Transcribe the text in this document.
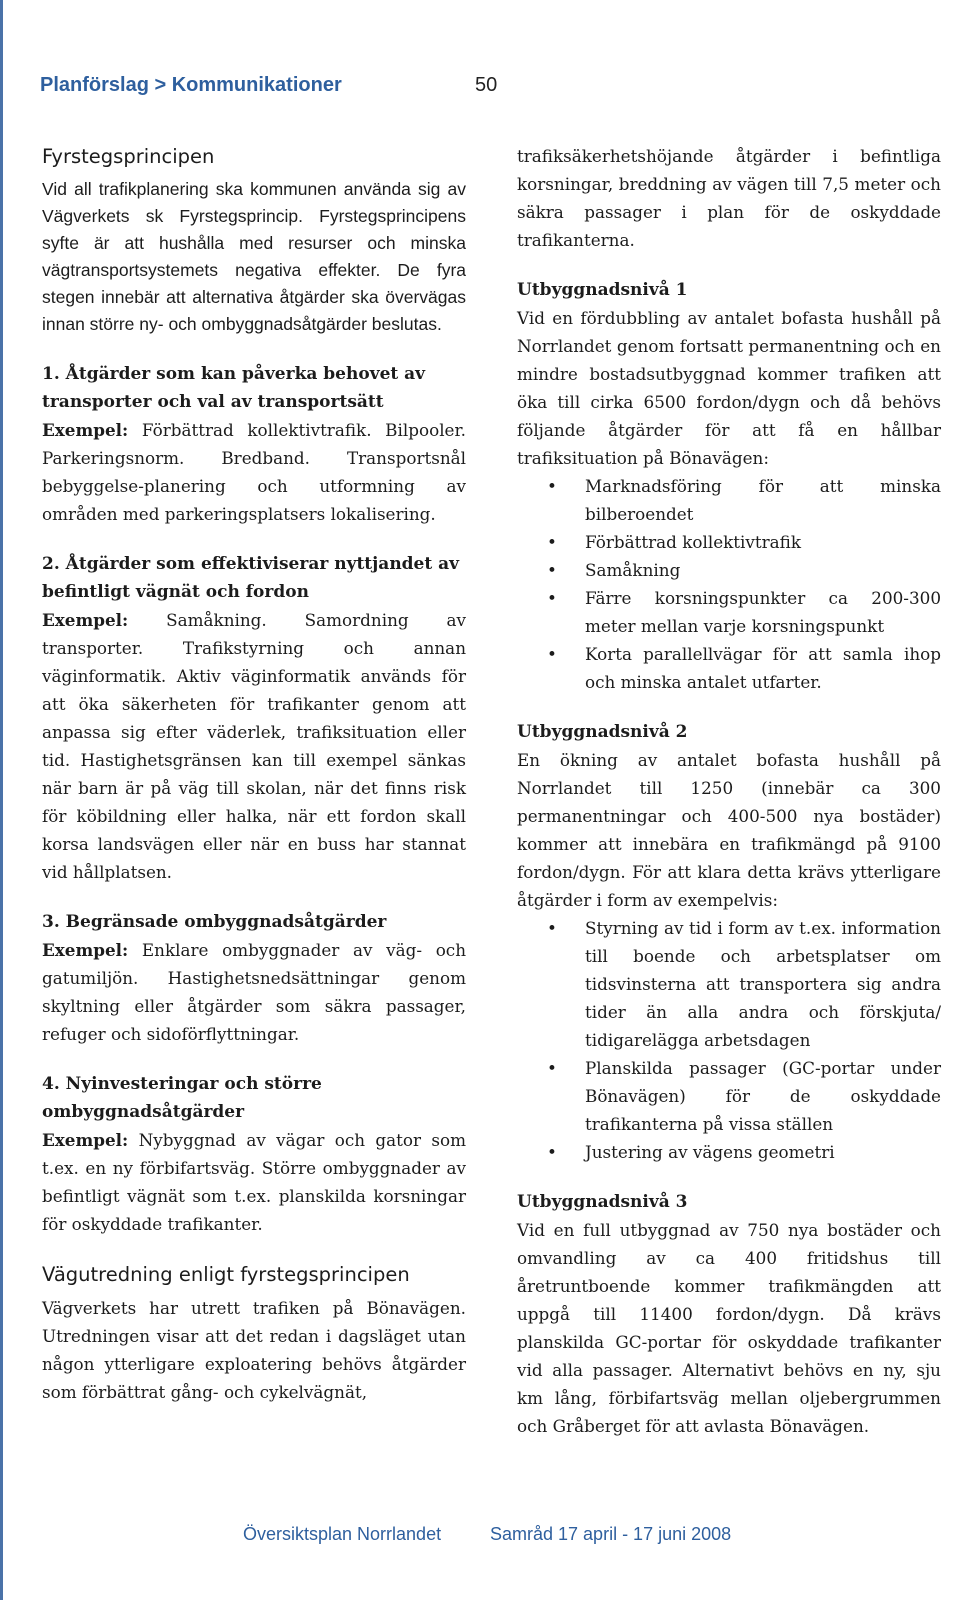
Planförslag > Kommunikationer	50
Fyrstegsprincipen

Vid all trafikplanering ska kommunen använda sig av Vägverkets sk Fyrstegsprincip. Fyrstegsprincipens syfte är att hushålla med resurser och minska vägtransportsystemets negativa effekter. De fyra stegen innebär att alternativa åtgärder ska övervägas innan större ny- och ombyggnadsåtgärder beslutas.

1. Åtgärder som kan påverka behovet av transporter och val av transportsätt

Exempel: Förbättrad kollektivtrafik. Bilpooler. Parkeringsnorm. Bredband. Transportsnål bebyggelse-planering och utformning av områden med parkeringsplatsers lokalisering.

2. Åtgärder som effektiviserar nyttjandet av befintligt vägnät och fordon

Exempel: Samåkning. Samordning av transporter. Trafikstyrning och annan väginformatik. Aktiv väginformatik används för att öka säkerheten för trafikanter genom att anpassa sig efter väderlek, trafiksituation eller tid. Hastighetsgränsen kan till exempel sänkas när barn är på väg till skolan, när det finns risk för köbildning eller halka, när ett fordon skall korsa landsvägen eller när en buss har stannat vid hållplatsen.

3. Begränsade ombyggnadsåtgärder

Exempel: Enklare ombyggnader av väg- och gatumiljön. Hastighetsnedsättningar genom skyltning eller åtgärder som säkra passager, refuger och sidoförflyttningar.

4. Nyinvesteringar och större ombyggnadsåtgärder

Exempel: Nybyggnad av vägar och gator som t.ex. en ny förbifartsväg. Större ombyggnader av befintligt vägnät som t.ex. planskilda korsningar för oskyddade trafikanter.

Vägutredning enligt fyrstegsprincipen

Vägverkets har utrett trafiken på Bönavägen. Utredningen visar att det redan i dagsläget utan någon ytterligare exploatering behövs åtgärder som förbättrat gång- och cykelvägnät,

trafiksäkerhetshöjande åtgärder i befintliga korsningar, breddning av vägen till 7,5 meter och säkra passager i plan för de oskyddade trafikanterna.

Utbyggnadsnivå 1

Vid en fördubbling av antalet bofasta hushåll på Norrlandet genom fortsatt permanentning och en mindre bostadsutbyggnad kommer trafiken att öka till cirka 6500 fordon/dygn och då behövs följande åtgärder för att få en hållbar trafiksituation på Bönavägen:

• Marknadsföring för att minska bilberoendet
• Förbättrad kollektivtrafik
• Samåkning
• Färre korsningspunkter ca 200-300 meter mellan varje korsningspunkt
• Korta parallellvägar för att samla ihop och minska antalet utfarter.
Utbyggnadsnivå 2

En ökning av antalet bofasta hushåll på Norrlandet till 1250 (innebär ca 300 permanentningar och 400-500 nya bostäder) kommer att innebära en trafikmängd på 9100 fordon/dygn. För att klara detta krävs ytterligare åtgärder i form av exempelvis:

• Styrning av tid i form av t.ex. information till boende och arbetsplatser om tidsvinsterna att transportera sig andra tider än alla andra och förskjuta/ tidigarelägga arbetsdagen
• Planskilda passager (GC-portar under Bönavägen) för de oskyddade trafikanterna på vissa ställen
• Justering av vägens geometri
Utbyggnadsnivå 3

Vid en full utbyggnad av 750 nya bostäder och omvandling av ca 400 fritidshus till åretruntboende kommer trafikmängden att uppgå till 11400 fordon/dygn. Då krävs planskilda GC-portar för oskyddade trafikanter vid alla passager. Alternativt behövs en ny, sju km lång, förbifartsväg mellan oljebergrummen och Gråberget för att avlasta Bönavägen.

Översiktsplan Norrlandet	Samråd 17 april - 17 juni 2008
